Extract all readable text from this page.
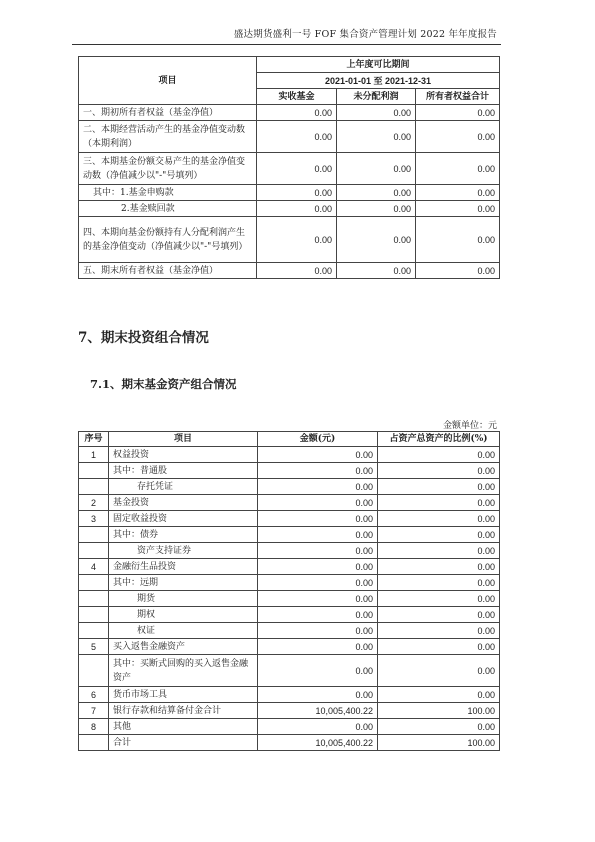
盛达期货盛利一号 FOF 集合资产管理计划 2022 年年度报告
项目	上年度可比期间		
	2021-01-01 至 2021-12-31		
	实收基金	未分配利润	所有者权益合计
一、期初所有者权益（基金净值）	0.00	0.00	0.00
二、本期经营活动产生的基金净值变动数（本期利润）	0.00	0.00	0.00
三、本期基金份额交易产生的基金净值变动数（净值减少以"-"号填列）	0.00	0.00	0.00
其中：1.基金申购款	0.00	0.00	0.00
2.基金赎回款	0.00	0.00	0.00
四、本期向基金份额持有人分配利润产生的基金净值变动（净值减少以"-"号填列）	0.00	0.00	0.00
五、期末所有者权益（基金净值）	0.00	0.00	0.00
7、期末投资组合情况
7.1、期末基金资产组合情况
金额单位：元
序号	项目	金额(元)	占资产总资产的比例(%)
1	权益投资	0.00	0.00
	其中：普通股	0.00	0.00
	存托凭证	0.00	0.00
2	基金投资	0.00	0.00
3	固定收益投资	0.00	0.00
	其中：债券	0.00	0.00
	资产支持证券	0.00	0.00
4	金融衍生品投资	0.00	0.00
	其中：远期	0.00	0.00
	期货	0.00	0.00
	期权	0.00	0.00
	权证	0.00	0.00
5	买入返售金融资产	0.00	0.00
	其中：买断式回购的买入返售金融资产	0.00	0.00
6	货币市场工具	0.00	0.00
7	银行存款和结算备付金合计	10,005,400.22	100.00
8	其他	0.00	0.00
	合计	10,005,400.22	100.00
